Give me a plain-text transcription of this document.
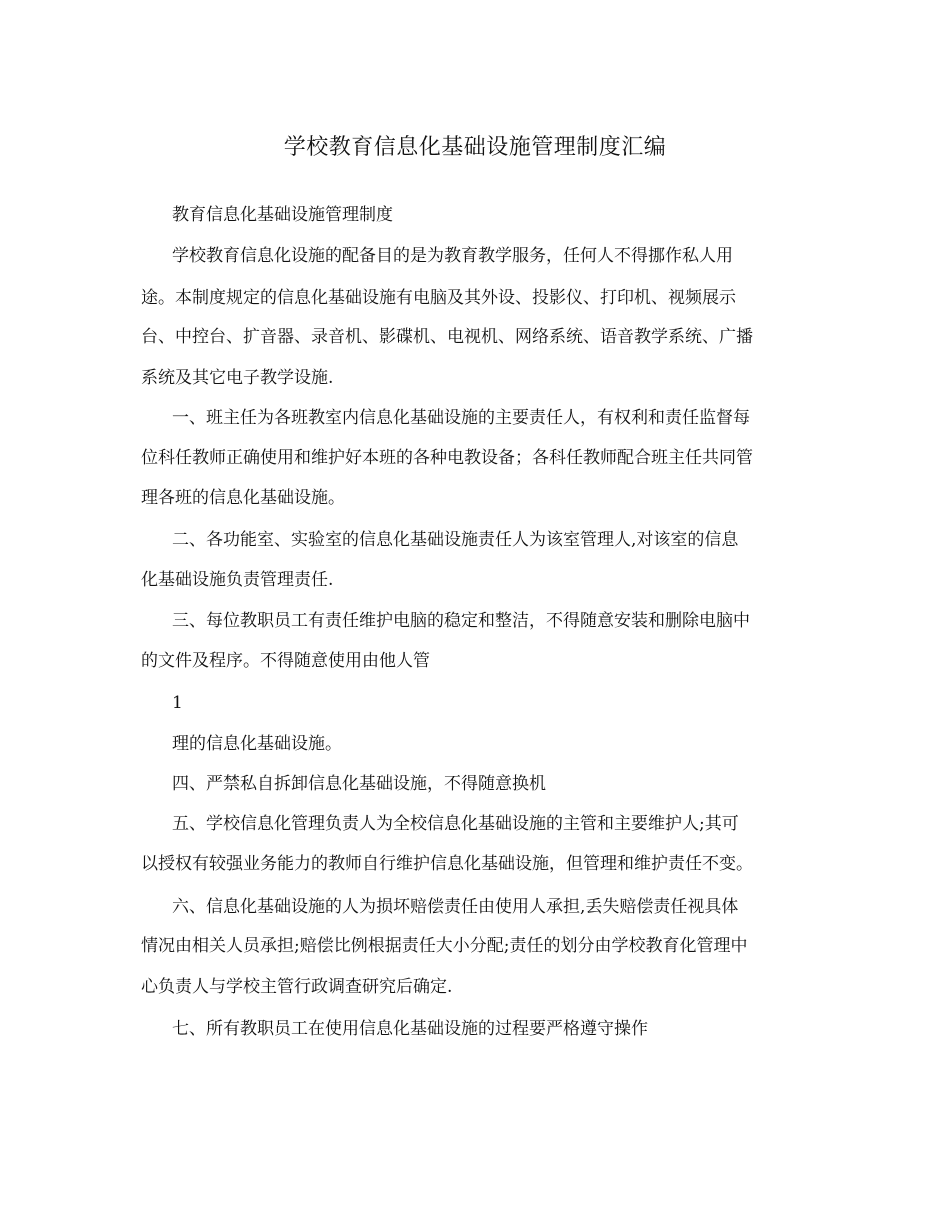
学校教育信息化基础设施管理制度汇编

教育信息化基础设施管理制度

学校教育信息化设施的配备目的是为教育教学服务，任何人不得挪作私人用

途。本制度规定的信息化基础设施有电脑及其外设、投影仪、打印机、视频展示

台、中控台、扩音器、录音机、影碟机、电视机、网络系统、语音教学系统、广播

系统及其它电子教学设施.

一、班主任为各班教室内信息化基础设施的主要责任人，有权利和责任监督每

位科任教师正确使用和维护好本班的各种电教设备；各科任教师配合班主任共同管

理各班的信息化基础设施。

二、各功能室、实验室的信息化基础设施责任人为该室管理人,对该室的信息

化基础设施负责管理责任.

三、每位教职员工有责任维护电脑的稳定和整洁，不得随意安装和删除电脑中

的文件及程序。不得随意使用由他人管

1

理的信息化基础设施。

四、严禁私自拆卸信息化基础设施，不得随意换机

五、学校信息化管理负责人为全校信息化基础设施的主管和主要维护人;其可

以授权有较强业务能力的教师自行维护信息化基础设施，但管理和维护责任不变。

六、信息化基础设施的人为损坏赔偿责任由使用人承担,丢失赔偿责任视具体

情况由相关人员承担;赔偿比例根据责任大小分配;责任的划分由学校教育化管理中

心负责人与学校主管行政调查研究后确定.

七、所有教职员工在使用信息化基础设施的过程要严格遵守操作
